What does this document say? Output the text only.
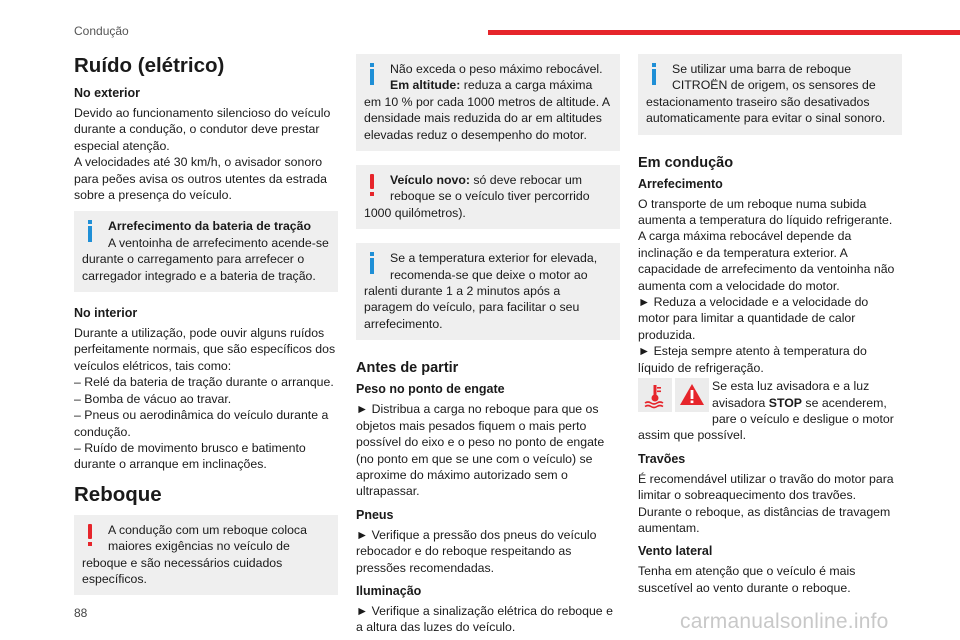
Condução
Ruído (elétrico)
No exterior
Devido ao funcionamento silencioso do veículo durante a condução, o condutor deve prestar especial atenção.
A velocidades até 30 km/h, o avisador sonoro para peões avisa os outros utentes da estrada sobre a presença do veículo.
Arrefecimento da bateria de tração
A ventoinha de arrefecimento acende-se durante o carregamento para arrefecer o carregador integrado e a bateria de tração.
No interior
Durante a utilização, pode ouvir alguns ruídos perfeitamente normais, que são específicos dos veículos elétricos, tais como:
– Relé da bateria de tração durante o arranque.
– Bomba de vácuo ao travar.
– Pneus ou aerodinâmica do veículo durante a condução.
– Ruído de movimento brusco e batimento durante o arranque em inclinações.
Reboque
A condução com um reboque coloca maiores exigências no veículo de reboque e são necessários cuidados específicos.
Não exceda o peso máximo rebocável.
Em altitude: reduza a carga máxima em 10 % por cada 1000 metros de altitude. A densidade mais reduzida do ar em altitudes elevadas reduz o desempenho do motor.
Veículo novo: só deve rebocar um reboque se o veículo tiver percorrido 1000 quilómetros).
Se a temperatura exterior for elevada, recomenda-se que deixe o motor ao ralenti durante 1 a 2 minutos após a paragem do veículo, para facilitar o seu arrefecimento.
Antes de partir
Peso no ponto de engate
► Distribua a carga no reboque para que os objetos mais pesados fiquem o mais perto possível do eixo e o peso no ponto de engate (no ponto em que se une com o veículo) se aproxime do máximo autorizado sem o ultrapassar.
Pneus
► Verifique a pressão dos pneus do veículo rebocador e do reboque respeitando as pressões recomendadas.
Iluminação
► Verifique a sinalização elétrica do reboque e a altura das luzes do veículo.
Se utilizar uma barra de reboque CITROËN de origem, os sensores de estacionamento traseiro são desativados automaticamente para evitar o sinal sonoro.
Em condução
Arrefecimento
O transporte de um reboque numa subida aumenta a temperatura do líquido refrigerante. A carga máxima rebocável depende da inclinação e da temperatura exterior. A capacidade de arrefecimento da ventoinha não aumenta com a velocidade do motor.
► Reduza a velocidade e a velocidade do motor para limitar a quantidade de calor produzida.
► Esteja sempre atento à temperatura do líquido de refrigeração.
Se esta luz avisadora e a luz avisadora STOP se acenderem, pare o veículo e desligue o motor assim que possível.
Travões
É recomendável utilizar o travão do motor para limitar o sobreaquecimento dos travões. Durante o reboque, as distâncias de travagem aumentam.
Vento lateral
Tenha em atenção que o veículo é mais suscetível ao vento durante o reboque.
88	carmanualsonline.info
